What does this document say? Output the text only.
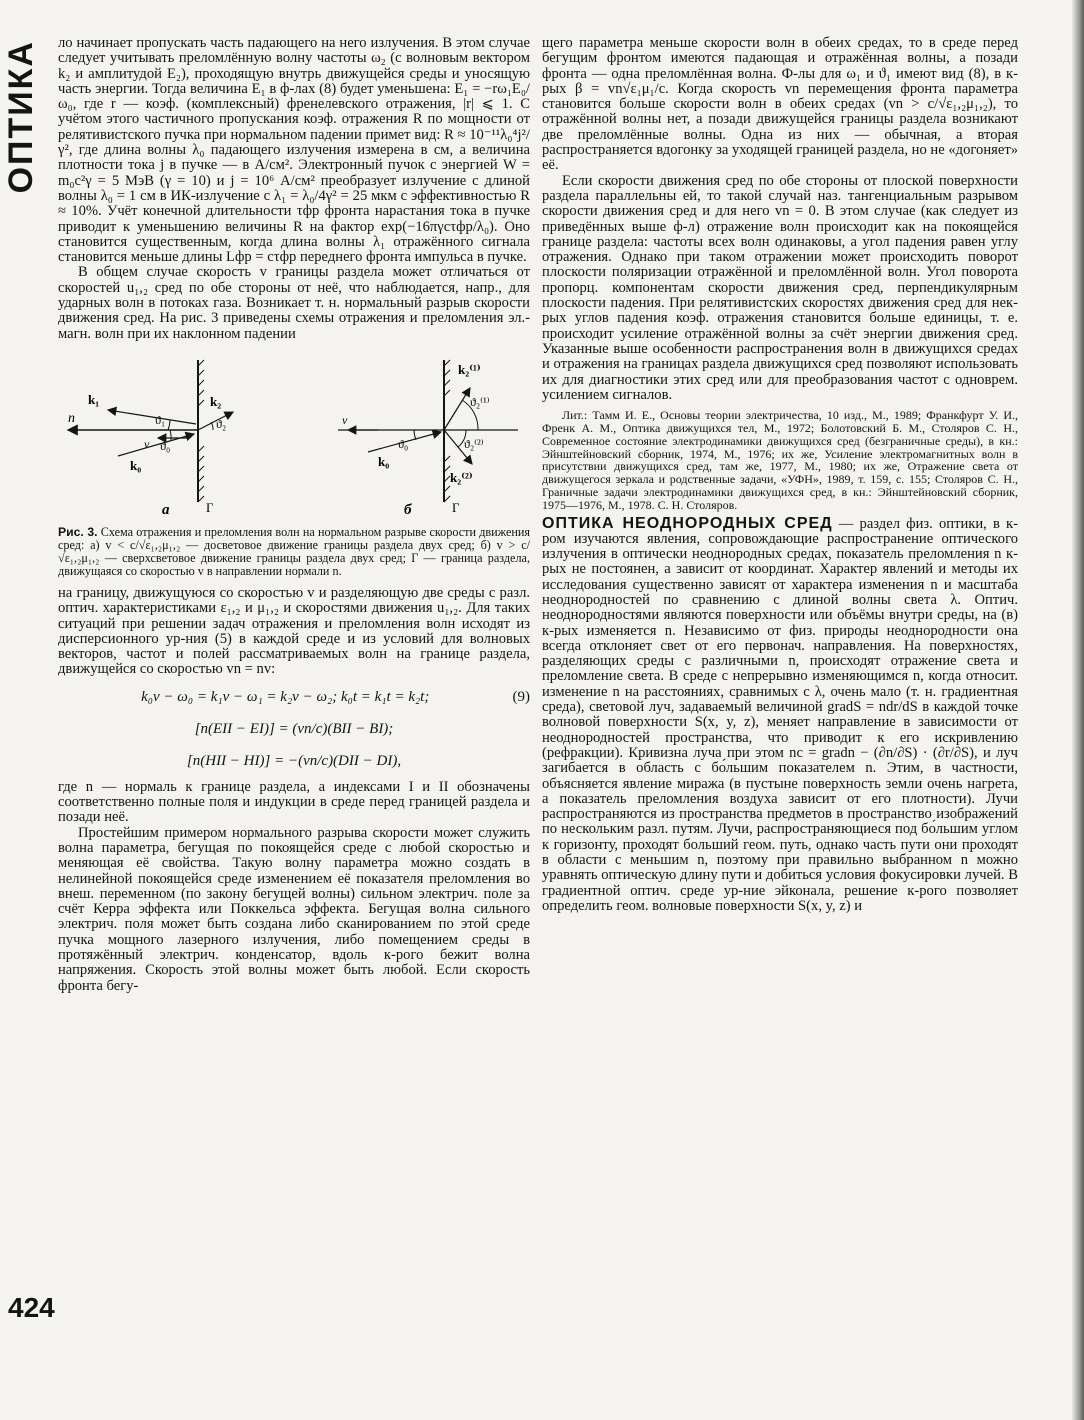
ОПТИКА
424

ло начинает пропускать часть падающего на него излучения. В этом случае следует учитывать преломлённую волну частоты ω₂ (с волновым вектором k₂ и амплитудой E₂), проходящую внутрь движущейся среды и уносящую часть энергии. Тогда величина E₁ в ф-лах (8) будет уменьшена: E₁ = −rω₁E₀/ω₀, где r — коэф. (комплексный) френелевского отражения, |r| ⩽ 1. С учётом этого частичного пропускания коэф. отражения R по мощности от релятивистского пучка при нормальном падении примет вид: R ≈ 10⁻¹¹λ₀⁴j²/γ², где длина волны λ₀ падающего излучения измерена в см, а величина плотности тока j в пучке — в А/см². Электронный пучок с энергией W = m₀c²γ = 5 МэВ (γ = 10) и j = 10⁶ А/см² преобразует излучение с длиной волны λ₀ = 1 см в ИК-излучение с λ₁ = λ₀/4γ² = 25 мкм с эффективностью R ≈ 10%. Учёт конечной длительности τфр фронта нарастания тока в пучке приводит к уменьшению величины R на фактор exp(−16πγcτфр/λ₀). Оно становится существенным, когда длина волны λ₁ отражённого сигнала становится меньше длины Lфр = cτфр переднего фронта импульса в пучке.

В общем случае скорость v границы раздела может отличаться от скоростей u₁,₂ сред по обе стороны от неё, что наблюдается, напр., для ударных волн в потоках газа. Возникает т. н. нормальный разрыв скорости движения сред. На рис. 3 приведены схемы отражения и преломления эл.-магн. волн при их наклонном падении

n
k₁
k₀
k₂
v
ϑ₁
ϑ₀
ϑ₂
а	Г
v
k₀
ϑ₀
k₂⁽¹⁾
ϑ₂⁽¹⁾
ϑ₂⁽²⁾
k₂⁽²⁾
б	Г
Рис. 3. Схема отражения и преломления волн на нормальном разрыве скорости движения сред: а) v < c/√ε₁,₂μ₁,₂ — досветовое движение границы раздела двух сред; б) v > c/√ε₁,₂μ₁,₂ — сверхсветовое движение границы раздела двух сред; Г — граница раздела, движущаяся со скоростью v в направлении нормали n.

на границу, движущуюся со скоростью v и разделяющую две среды с разл. оптич. характеристиками ε₁,₂ и μ₁,₂ и скоростями движения u₁,₂. Для таких ситуаций при решении задач отражения и преломления волн исходят из дисперсионного ур-ния (5) в каждой среде и из условий для волновых векторов, частот и полей рассматриваемых волн на границе раздела, движущейся со скоростью vn = nv:

(9)
k₀v − ω₀ = k₁v − ω₁ = k₂v − ω₂; k₀t = k₁t = k₂t;
[n(EII − EI)] = (vn/c)(BII − BI);
[n(HII − HI)] = −(vn/c)(DII − DI),

где n — нормаль к границе раздела, а индексами I и II обозначены соответственно полные поля и индукции в среде перед границей раздела и позади неё.

Простейшим примером нормального разрыва скорости может служить волна параметра, бегущая по покоящейся среде с любой скоростью и меняющая её свойства. Такую волну параметра можно создать в нелинейной покоящейся среде изменением её показателя преломления во внеш. переменном (по закону бегущей волны) сильном электрич. поле за счёт Керра эффекта или Поккельса эффекта. Бегущая волна сильного электрич. поля может быть создана либо сканированием по этой среде пучка мощного лазерного излучения, либо помещением среды в протяжённый электрич. конденсатор, вдоль к-рого бежит волна напряжения. Скорость этой волны может быть любой. Если скорость фронта бегу-

щего параметра меньше скорости волн в обеих средах, то в среде перед бегущим фронтом имеются падающая и отражённая волны, а позади фронта — одна преломлённая волна. Ф-лы для ω₁ и ϑ₁ имеют вид (8), в к-рых β = vn√ε₁μ₁/c. Когда скорость vn перемещения фронта параметра становится больше скорости волн в обеих средах (vn > c/√ε₁,₂μ₁,₂), то отражённой волны нет, а позади движущейся границы раздела возникают две преломлённые волны. Одна из них — обычная, а вторая распространяется вдогонку за уходящей границей раздела, но не «догоняет» её.

Если скорости движения сред по обе стороны от плоской поверхности раздела параллельны ей, то такой случай наз. тангенциальным разрывом скорости движения сред и для него vn = 0. В этом случае (как следует из приведённых выше ф-л) отражение волн происходит как на покоящейся границе раздела: частоты всех волн одинаковы, а угол падения равен углу отражения. Однако при таком отражении может происходить поворот плоскости поляризации отражённой и преломлённой волн. Угол поворота пропорц. компонентам скорости движения сред, перпендикулярным плоскости падения. При релятивистских скоростях движения сред для нек-рых углов падения коэф. отражения становится больше единицы, т. е. происходит усиление отражённой волны за счёт энергии движения сред. Указанные выше особенности распространения волн в движущихся средах и отражения на границах раздела движущихся сред позволяют использовать их для диагностики этих сред или для преобразования частот с одноврем. усилением сигналов.

Лит.: Тамм И. Е., Основы теории электричества, 10 изд., М., 1989; Франкфурт У. И., Френк А. М., Оптика движущихся тел, М., 1972; Болотовский Б. М., Столяров С. Н., Современное состояние электродинамики движущихся сред (безграничные среды), в кн.: Эйнштейновский сборник, 1974, М., 1976; их же, Усиление электромагнитных волн в присутствии движущихся сред, там же, 1977, М., 1980; их же, Отражение света от движущегося зеркала и родственные задачи, «УФН», 1989, т. 159, с. 155; Столяров С. Н., Граничные задачи электродинамики движущихся сред, в кн.: Эйнштейновский сборник, 1975—1976, М., 1978. С. Н. Столяров.

ОПТИКА НЕОДНОРОДНЫХ СРЕД — раздел физ. оптики, в к-ром изучаются явления, сопровождающие распространение оптического излучения в оптически неоднородных средах, показатель преломления n к-рых не постоянен, а зависит от координат. Характер явлений и методы их исследования существенно зависят от характера изменения n и масштаба неоднородностей по сравнению с длиной волны света λ. Оптич. неоднородностями являются поверхности или объёмы внутри среды, на (в) к-рых изменяется n. Независимо от физ. природы неоднородности она всегда отклоняет свет от его первонач. направления. На поверхностях, разделяющих среды с различными n, происходят отражение света и преломление света. В среде с непрерывно изменяющимся n, когда относит. изменение n на расстояниях, сравнимых с λ, очень мало (т. н. градиентная среда), световой луч, задаваемый величиной gradS = ndr/dS в каждой точке волновой поверхности S(x, y, z), меняет направление в зависимости от неоднородностей пространства, что приводит к его искривлению (рефракции). Кривизна луча при этом nc = gradn − (∂n/∂S) · (∂r/∂S), и луч загибается в область с бо́льшим показателем n. Этим, в частности, объясняется явление миража (в пустыне поверхность земли очень нагрета, а показатель преломления воздуха зависит от его плотности). Лучи распространяются из пространства предметов в пространство изображений по нескольким разл. путям. Лучи, распространяющиеся под бо́льшим углом к горизонту, проходят больший геом. путь, однако часть пути они проходят в области с меньшим n, поэтому при правильно выбранном n можно уравнять оптическую длину пути и добиться условия фокусировки лучей. В градиентной оптич. среде ур-ние эйконала, решение к-рого позволяет определить геом. волновые поверхности S(x, y, z) и
